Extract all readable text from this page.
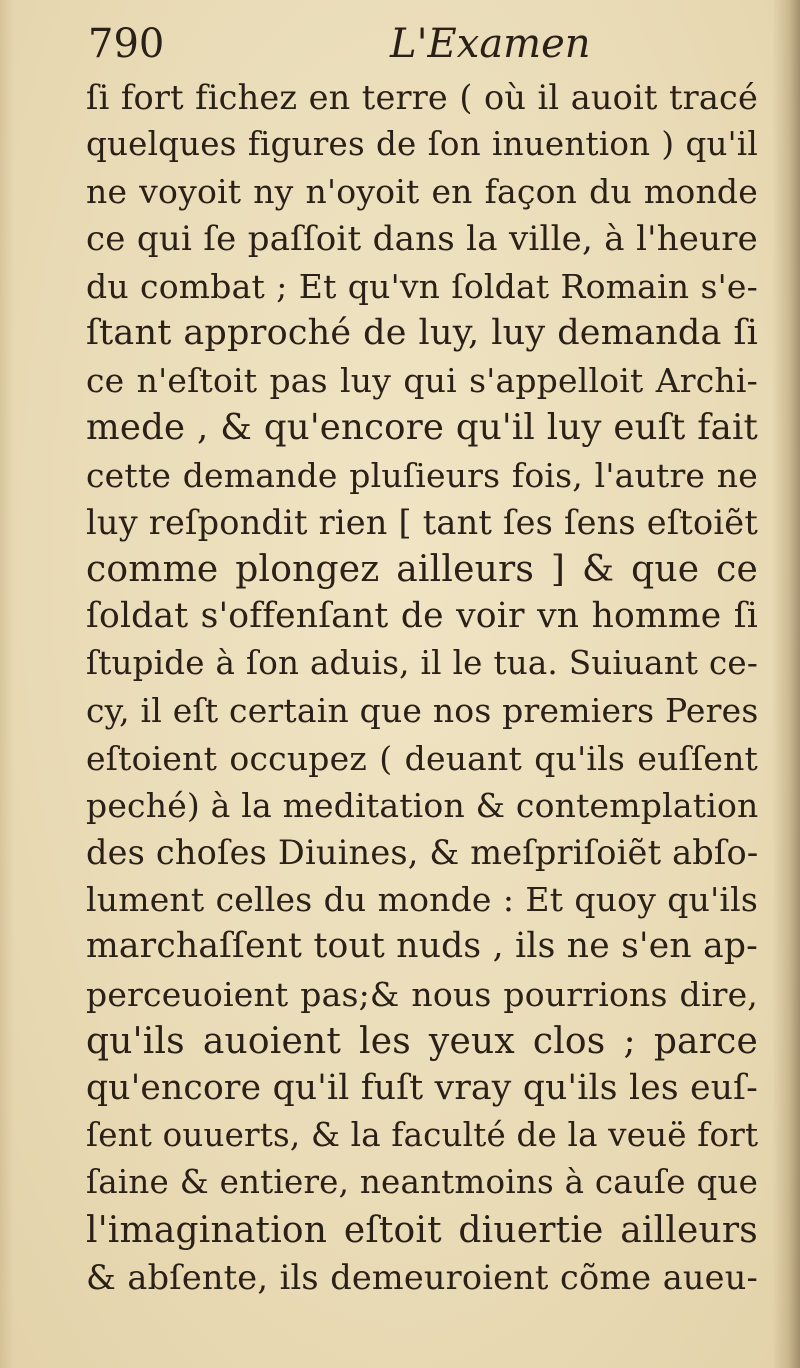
790	L'Examen
ſi fort fichez en terre ( où il auoit tracé
quelques figures de ſon inuention ) qu'il
ne voyoit ny n'oyoit en façon du monde
ce qui ſe paſſoit dans la ville, à l'heure
du combat ; Et qu'vn ſoldat Romain s'e-
ſtant approché de luy, luy demanda ſi
ce n'eſtoit pas luy qui s'appelloit Archi-
mede , & qu'encore qu'il luy euſt fait
cette demande pluſieurs fois, l'autre ne
luy reſpondit rien [ tant ſes ſens eſtoiẽt
comme plongez ailleurs ] & que ce
ſoldat s'offenſant de voir vn homme ſi
ſtupide à ſon aduis, il le tua. Suiuant ce-
cy, il eſt certain que nos premiers Peres
eſtoient occupez ( deuant qu'ils euſſent
peché) à la meditation & contemplation
des choſes Diuines, & meſpriſoiẽt abſo-
lument celles du monde : Et quoy qu'ils
marchaſſent tout nuds , ils ne s'en ap-
perceuoient pas;& nous pourrions dire,
qu'ils auoient les yeux clos ; parce
qu'encore qu'il fuſt vray qu'ils les euſ-
ſent ouuerts, & la faculté de la veuë fort
ſaine & entiere, neantmoins à cauſe que
l'imagination eſtoit diuertie ailleurs
& abſente, ils demeuroient cõme aueu-
